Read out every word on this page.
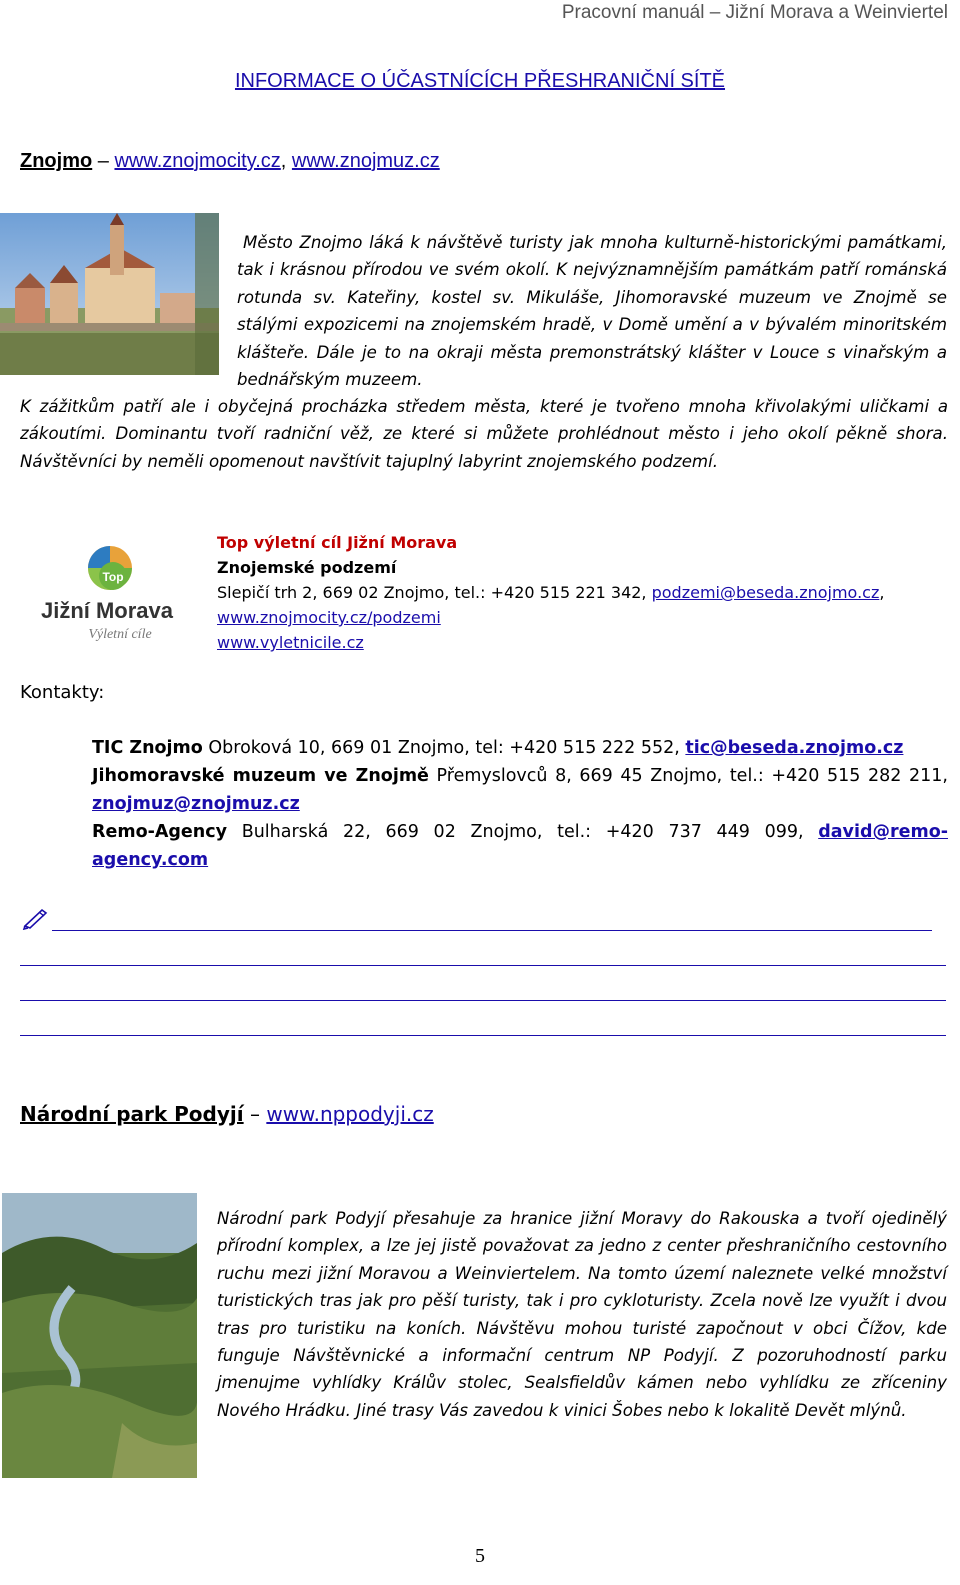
Pracovní manuál – Jižní Morava a Weinviertel
INFORMACE O ÚČASTNÍCÍCH PŘESHRANIČNÍ SÍTĚ
Znojmo – www.znojmocity.cz, www.znojmuz.cz
Město Znojmo láká k návštěvě turisty jak mnoha kulturně-historickými památkami, tak i krásnou přírodou ve svém okolí. K nejvýznamnějším památkám patří románská rotunda sv. Kateřiny, kostel sv. Mikuláše, Jihomoravské muzeum ve Znojmě se stálými expozicemi na znojemském hradě, v Domě umění a v bývalém minoritském klášteře. Dále je to na okraji města premonstrátský klášter v Louce s vinařským a bednářským muzeem.
K zážitkům patří ale i obyčejná procházka středem města, které je tvořeno mnoha křivolakými uličkami a zákoutími. Dominantu tvoří radniční věž, ze které si můžete prohlédnout město i jeho okolí pěkně shora. Návštěvníci by neměli opomenout navštívit tajuplný labyrint znojemského podzemí.
Top
Jižní Morava
Výletní cíle
Top výletní cíl Jižní Morava
Znojemské podzemí
Slepičí trh 2, 669 02 Znojmo, tel.: +420 515 221 342, podzemi@beseda.znojmo.cz,
www.znojmocity.cz/podzemi
www.vyletnicile.cz
Kontakty:
TIC Znojmo Obroková 10, 669 01 Znojmo, tel: +420 515 222 552, tic@beseda.znojmo.cz
Jihomoravské muzeum ve Znojmě Přemyslovců 8, 669 45 Znojmo, tel.: +420 515 282 211, znojmuz@znojmuz.cz
Remo-Agency Bulharská 22, 669 02 Znojmo, tel.: +420 737 449 099, david@remo-agency.com
Národní park Podyjí – www.nppodyji.cz
Národní park Podyjí přesahuje za hranice jižní Moravy do Rakouska a tvoří ojedinělý přírodní komplex, a lze jej jistě považovat za jedno z center přeshraničního cestovního ruchu mezi jižní Moravou a Weinviertelem. Na tomto území naleznete velké množství turistických tras jak pro pěší turisty, tak i pro cykloturisty. Zcela nově lze využít i dvou tras pro turistiku na koních. Návštěvu mohou turisté započnout v obci Čížov, kde funguje Návštěvnické a informační centrum NP Podyjí. Z pozoruhodností parku jmenujme vyhlídky Králův stolec, Sealsfieldův kámen nebo vyhlídku ze zříceniny Nového Hrádku. Jiné trasy Vás zavedou k vinici Šobes nebo k lokalitě Devět mlýnů.
5
